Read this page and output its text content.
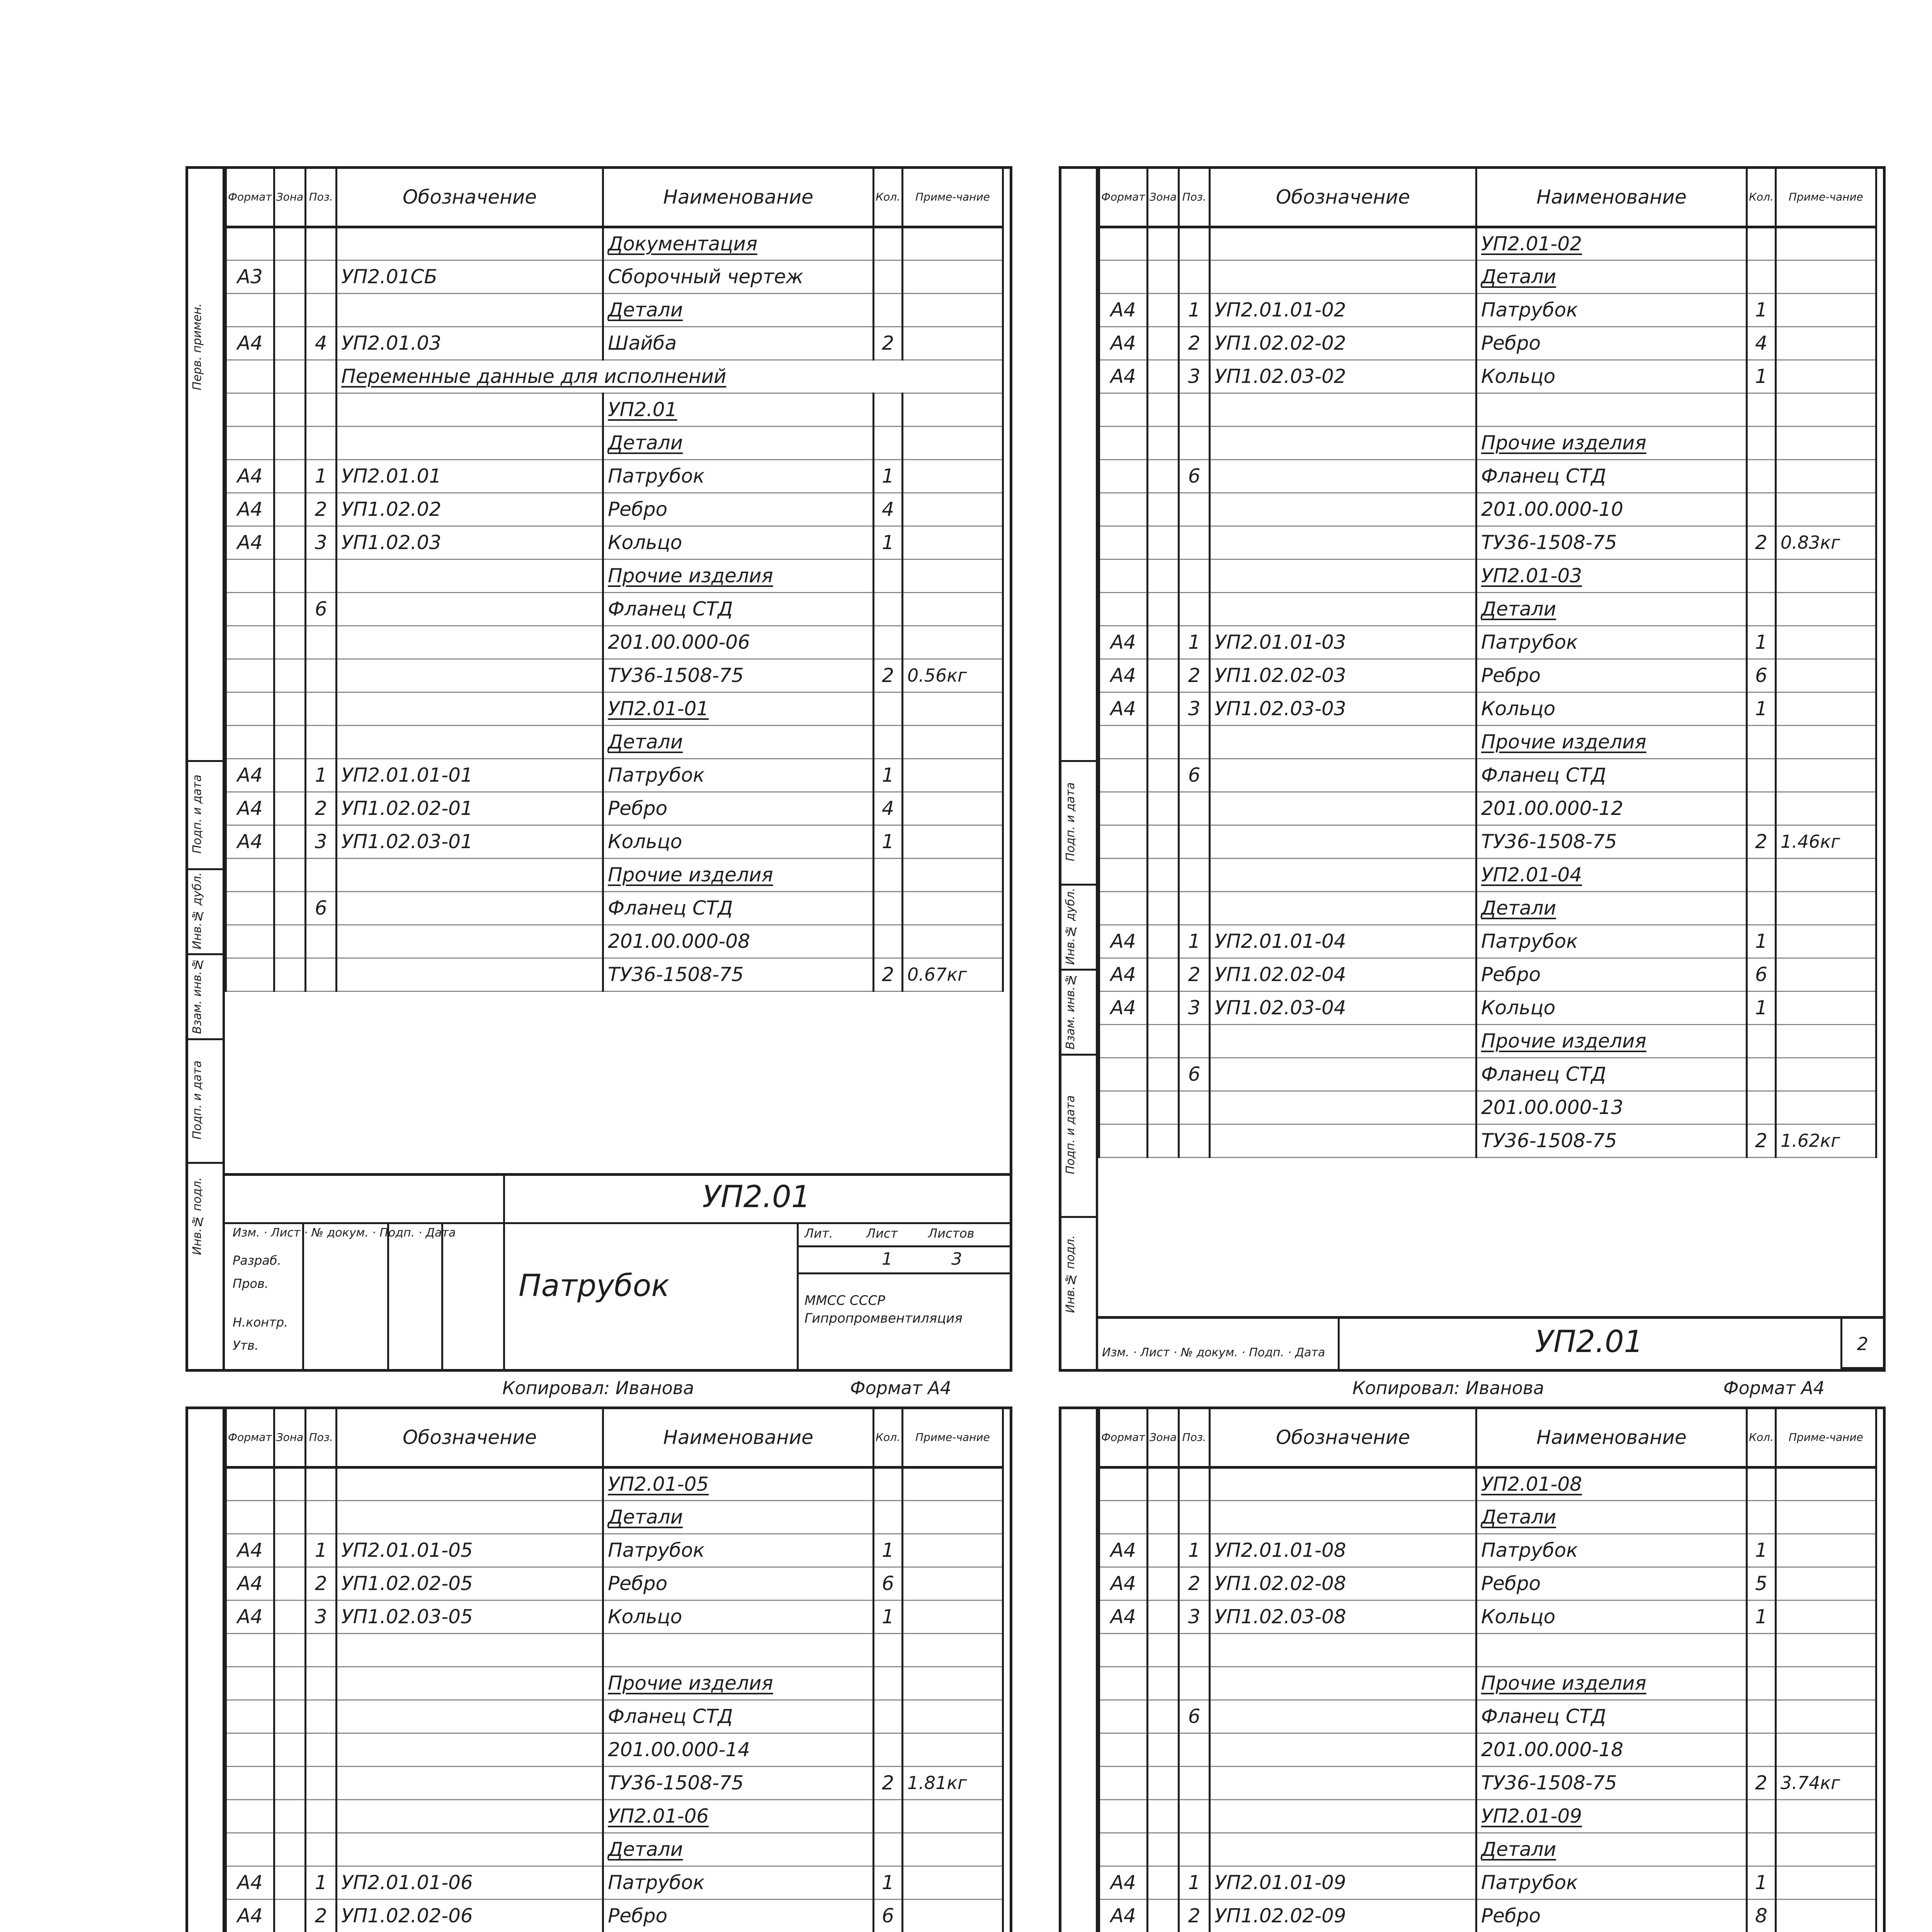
Перв. примен.
Подп. и дата
Инв.№ дубл.
Взам. инв.№
Подп. и дата
Инв.№ подл.
Формат	Зона	Поз.	Обозначение	Наименование	Кол.	Приме-чание
				Документация		
А3			УП2.01СБ	Сборочный чертеж		
				Детали		
А4		4	УП2.01.03	Шайба	2	
			Переменные данные для исполнений			
				УП2.01		
				Детали		
А4		1	УП2.01.01	Патрубок	1	
А4		2	УП1.02.02	Ребро	4	
А4		3	УП1.02.03	Кольцо	1	
				Прочие изделия		
		6		Фланец СТД		
				201.00.000-06		
				ТУ36-1508-75	2	0.56кг
				УП2.01-01		
				Детали		
А4		1	УП2.01.01-01	Патрубок	1	
А4		2	УП1.02.02-01	Ребро	4	
А4		3	УП1.02.03-01	Кольцо	1	
				Прочие изделия		
		6		Фланец СТД		
				201.00.000-08		
				ТУ36-1508-75	2	0.67кг
УП2.01
Изм. · Лист · № докум. · Подп. · Дата
Разраб.
Пров.
Н.контр.
Утв.
Патрубок
Лит.	Лист Листов
1	3
ММСС СССР Гипропромвентиляция
Копировал: Иванова	Формат А4
Подп. и дата
Инв.№ дубл.
Взам. инв.№
Подп. и дата
Инв.№ подл.
Формат	Зона	Поз.	Обозначение	Наименование	Кол.	Приме-чание
				УП2.01-02		
				Детали		
А4		1	УП2.01.01-02	Патрубок	1	
А4		2	УП1.02.02-02	Ребро	4	
А4		3	УП1.02.03-02	Кольцо	1	

				Прочие изделия		
		6		Фланец СТД		
				201.00.000-10		
				ТУ36-1508-75	2	0.83кг
				УП2.01-03		
				Детали		
А4		1	УП2.01.01-03	Патрубок	1	
А4		2	УП1.02.02-03	Ребро	6	
А4		3	УП1.02.03-03	Кольцо	1	
				Прочие изделия		
		6		Фланец СТД		
				201.00.000-12		
				ТУ36-1508-75	2	1.46кг
				УП2.01-04		
				Детали		
А4		1	УП2.01.01-04	Патрубок	1	
А4		2	УП1.02.02-04	Ребро	6	
А4		3	УП1.02.03-04	Кольцо	1	
				Прочие изделия		
		6		Фланец СТД		
				201.00.000-13		
				ТУ36-1508-75	2	1.62кг
Изм. · Лист · № докум. · Подп. · Дата	УП2.01	2
Копировал: Иванова	Формат А4
Формат	Зона	Поз.	Обозначение	Наименование	Кол.	Приме-чание
				УП2.01-05		
				Детали		
А4		1	УП2.01.01-05	Патрубок	1	
А4		2	УП1.02.02-05	Ребро	6	
А4		3	УП1.02.03-05	Кольцо	1	

				Прочие изделия		
				Фланец СТД		
				201.00.000-14		
				ТУ36-1508-75	2	1.81кг
				УП2.01-06		
				Детали		
А4		1	УП2.01.01-06	Патрубок	1	
А4		2	УП1.02.02-06	Ребро	6	

Формат	Зона	Поз.	Обозначение	Наименование	Кол.	Приме-чание
				УП2.01-08		
				Детали		
А4		1	УП2.01.01-08	Патрубок	1	
А4		2	УП1.02.02-08	Ребро	5	
А4		3	УП1.02.03-08	Кольцо	1	

				Прочие изделия		
		6		Фланец СТД		
				201.00.000-18		
				ТУ36-1508-75	2	3.74кг
				УП2.01-09		
				Детали		
А4		1	УП2.01.01-09	Патрубок	1	
А4		2	УП1.02.02-09	Ребро	8	
